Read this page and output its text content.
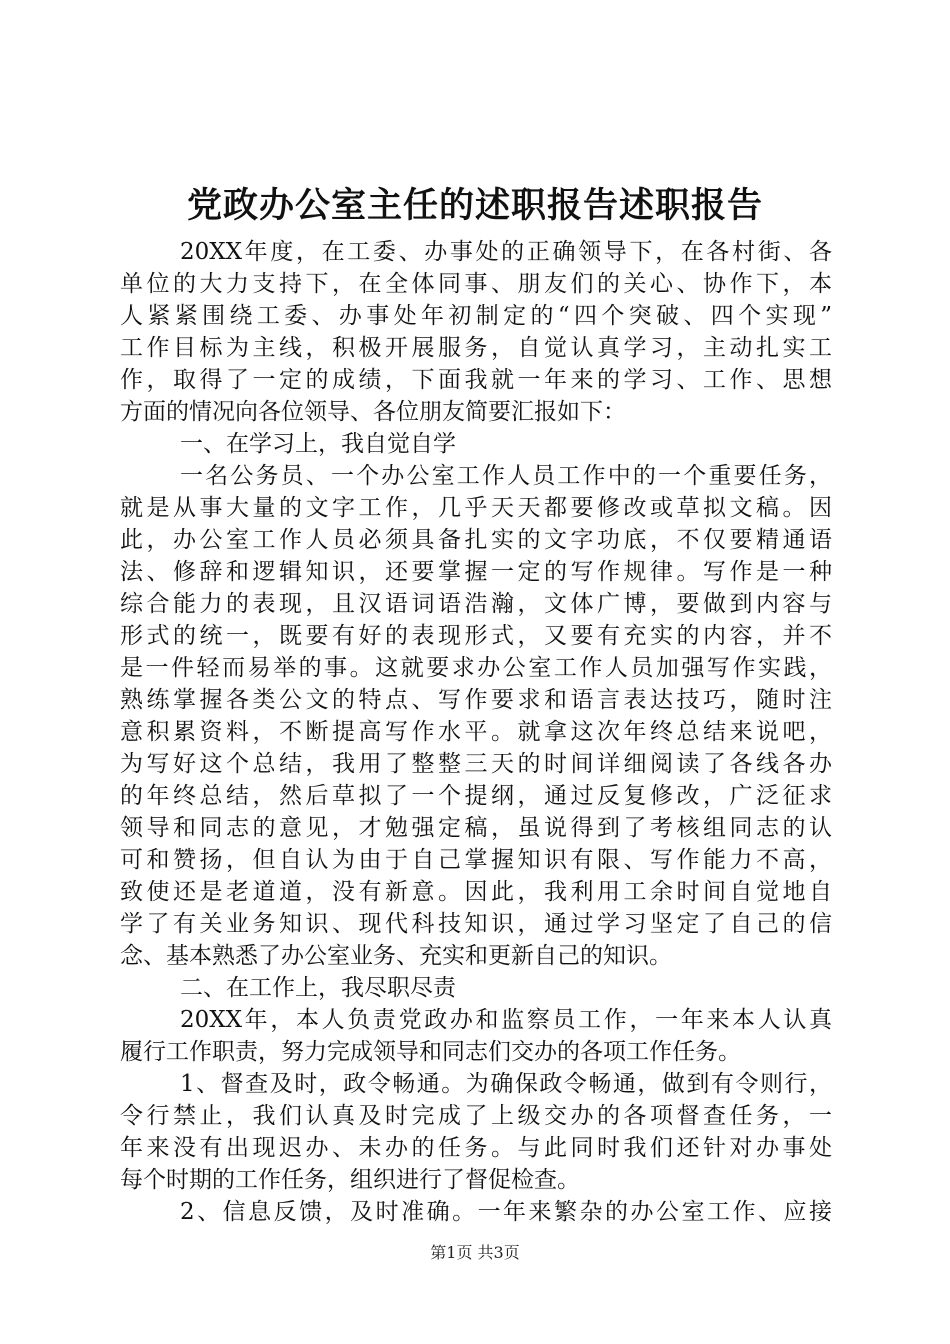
党政办公室主任的述职报告述职报告
20XX年度，在工委、办事处的正确领导下，在各村街、各
单位的大力支持下，在全体同事、朋友们的关心、协作下，本
人紧紧围绕工委、办事处年初制定的“四个突破、四个实现”
工作目标为主线，积极开展服务，自觉认真学习，主动扎实工
作，取得了一定的成绩，下面我就一年来的学习、工作、思想
方面的情况向各位领导、各位朋友简要汇报如下：
一、在学习上，我自觉自学
一名公务员、一个办公室工作人员工作中的一个重要任务，
就是从事大量的文字工作，几乎天天都要修改或草拟文稿。因
此，办公室工作人员必须具备扎实的文字功底，不仅要精通语
法、修辞和逻辑知识，还要掌握一定的写作规律。写作是一种
综合能力的表现，且汉语词语浩瀚，文体广博，要做到内容与
形式的统一，既要有好的表现形式，又要有充实的内容，并不
是一件轻而易举的事。这就要求办公室工作人员加强写作实践，
熟练掌握各类公文的特点、写作要求和语言表达技巧，随时注
意积累资料，不断提高写作水平。就拿这次年终总结来说吧，
为写好这个总结，我用了整整三天的时间详细阅读了各线各办
的年终总结，然后草拟了一个提纲，通过反复修改，广泛征求
领导和同志的意见，才勉强定稿，虽说得到了考核组同志的认
可和赞扬，但自认为由于自己掌握知识有限、写作能力不高，
致使还是老道道，没有新意。因此，我利用工余时间自觉地自
学了有关业务知识、现代科技知识，通过学习坚定了自己的信
念、基本熟悉了办公室业务、充实和更新自己的知识。
二、在工作上，我尽职尽责
20XX年，本人负责党政办和监察员工作，一年来本人认真
履行工作职责，努力完成领导和同志们交办的各项工作任务。
1、督查及时，政令畅通。为确保政令畅通，做到有令则行，
令行禁止，我们认真及时完成了上级交办的各项督查任务，一
年来没有出现迟办、未办的任务。与此同时我们还针对办事处
每个时期的工作任务，组织进行了督促检查。
2、信息反馈，及时准确。一年来繁杂的办公室工作、应接
第1页 共3页
